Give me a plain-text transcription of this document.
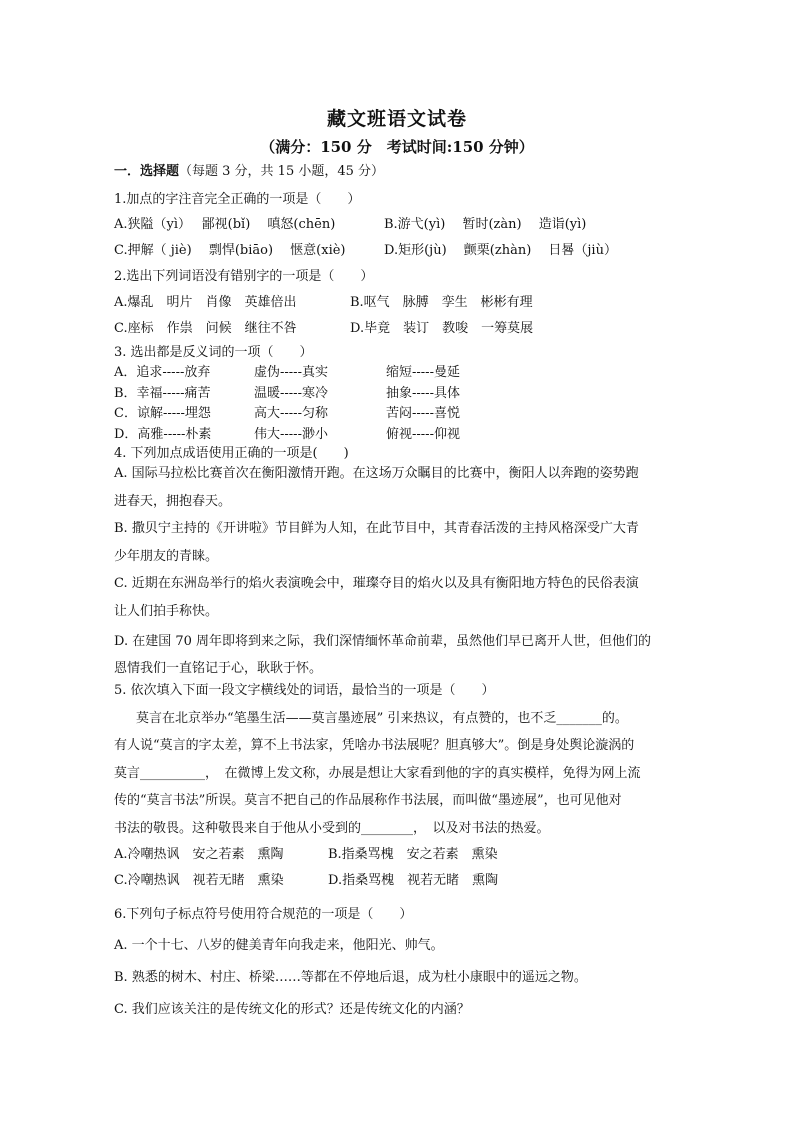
藏文班语文试卷
（满分：150 分　考试时间:150 分钟）
一．选择题（每题 3 分，共 15 小题，45 分）
1.加点的字注音完全正确的一项是（　　）
A.狭隘（yì）　 鄙视(bǐ)　 嗔怒(chēn)	B.游弋(yì)　 暂时(zàn)　 造诣(yì)
C.押解（ jiè)　 剽悍(biāo)　 惬意(xiè)	D.矩形(jù)　 颤栗(zhàn)　 日晷（jiù）
2.选出下列词语没有错别字的一项是（　　）
A.爆乱　明片　肖像　英雄倍出	B.呕气　脉膊　孪生　彬彬有理
C.座标　作祟　问候　继往不咎	D.毕竟　装订　教唆　一筹莫展
3. 选出都是反义词的一项（　　）
A．追求-----放弃	虚伪-----真实	缩短-----曼延
B．幸福-----痛苦	温暖-----寒冷	抽象-----具体
C．谅解-----埋怨	高大-----匀称	苦闷-----喜悦
D．高雅-----朴素	伟大-----渺小	俯视-----仰视
4. 下列加点成语使用正确的一项是(　　)
A. 国际马拉松比赛首次在衡阳激情开跑。在这场万众瞩目的比赛中，衡阳人以奔跑的姿势跑
进春天，拥抱春天。
B. 撒贝宁主持的《开讲啦》节目鲜为人知，在此节目中，其青春活泼的主持风格深受广大青
少年朋友的青睐。
C. 近期在东洲岛举行的焰火表演晚会中，璀璨夺目的焰火以及具有衡阳地方特色的民俗表演
让人们拍手称快。
D. 在建国 70 周年即将到来之际，我们深情缅怀革命前辈，虽然他们早已离开人世，但他们的
恩情我们一直铭记于心，耿耿于怀。
5. 依次填入下面一段文字横线处的词语，最恰当的一项是（　　）
莫言在北京举办“笔墨生活——莫言墨迹展” 引来热议，有点赞的，也不乏_______的。
有人说“莫言的字太差，算不上书法家，凭啥办书法展呢？胆真够大”。倒是身处舆论漩涡的
莫言__________，　在微博上发文称，办展是想让大家看到他的字的真实模样，免得为网上流
传的“莫言书法”所误。莫言不把自己的作品展称作书法展，而叫做“墨迹展”，也可见他对
书法的敬畏。这种敬畏来自于他从小受到的________，　以及对书法的热爱。
A.冷嘲热讽　安之若素　熏陶	B.指桑骂槐　安之若素　熏染
C.冷嘲热讽　视若无睹　熏染	D.指桑骂槐　视若无睹　熏陶
6.下列句子标点符号使用符合规范的一项是（　　）
A. 一个十七、八岁的健美青年向我走来，他阳光、帅气。
B. 熟悉的树木、村庄、桥梁……等都在不停地后退，成为杜小康眼中的遥远之物。
C. 我们应该关注的是传统文化的形式？还是传统文化的内涵？
